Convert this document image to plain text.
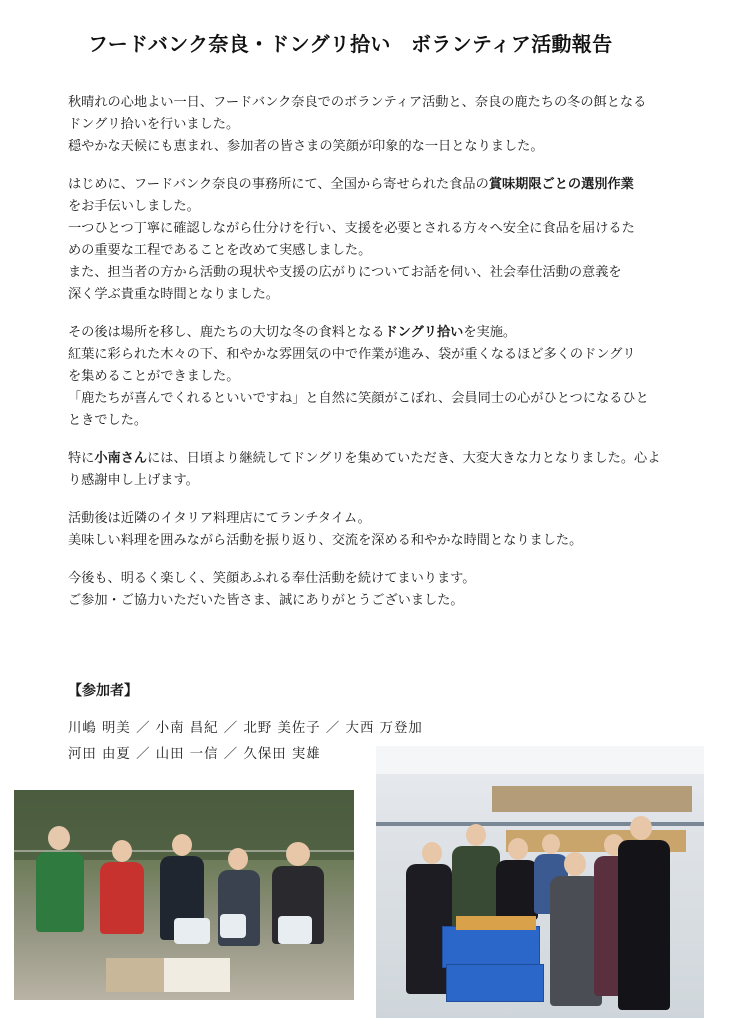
フードバンク奈良・ドングリ拾い　ボランティア活動報告

秋晴れの心地よい一日、フードバンク奈良でのボランティア活動と、奈良の鹿たちの冬の餌となる
ドングリ拾いを行いました。
穏やかな天候にも恵まれ、参加者の皆さまの笑顔が印象的な一日となりました。

はじめに、フードバンク奈良の事務所にて、全国から寄せられた食品の賞味期限ごとの選別作業
をお手伝いしました。
一つひとつ丁寧に確認しながら仕分けを行い、支援を必要とされる方々へ安全に食品を届けるた
めの重要な工程であることを改めて実感しました。
また、担当者の方から活動の現状や支援の広がりについてお話を伺い、社会奉仕活動の意義を
深く学ぶ貴重な時間となりました。

その後は場所を移し、鹿たちの大切な冬の食料となるドングリ拾いを実施。
紅葉に彩られた木々の下、和やかな雰囲気の中で作業が進み、袋が重くなるほど多くのドングリ
を集めることができました。
「鹿たちが喜んでくれるといいですね」と自然に笑顔がこぼれ、会員同士の心がひとつになるひと
ときでした。

特に小南さんには、日頃より継続してドングリを集めていただき、大変大きな力となりました。心よ
り感謝申し上げます。

活動後は近隣のイタリア料理店にてランチタイム。
美味しい料理を囲みながら活動を振り返り、交流を深める和やかな時間となりました。

今後も、明るく楽しく、笑顔あふれる奉仕活動を続けてまいります。
ご参加・ご協力いただいた皆さま、誠にありがとうございました。

【参加者】
川嶋 明美 ／ 小南 昌紀 ／ 北野 美佐子 ／ 大西 万登加
河田 由夏 ／ 山田 一信 ／ 久保田 実雄
